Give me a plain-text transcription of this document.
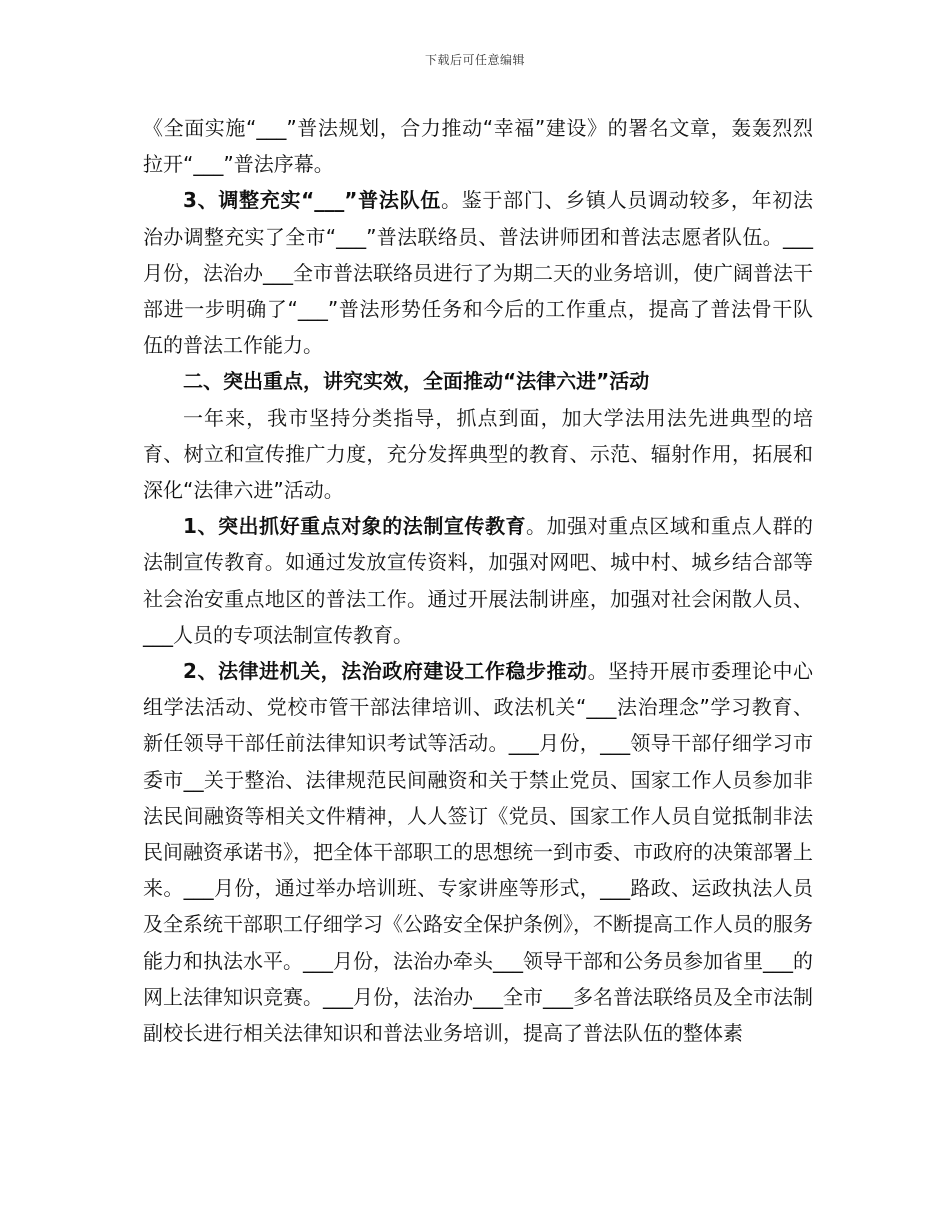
下载后可任意编辑

《全面实施“___”普法规划，合力推动“幸福”建设》的署名文章，轰轰烈烈拉开“___”普法序幕。

3、调整充实“___”普法队伍。鉴于部门、乡镇人员调动较多，年初法治办调整充实了全市“___”普法联络员、普法讲师团和普法志愿者队伍。___月份，法治办___全市普法联络员进行了为期二天的业务培训，使广阔普法干部进一步明确了“___”普法形势任务和今后的工作重点，提高了普法骨干队伍的普法工作能力。

二、突出重点，讲究实效，全面推动“法律六进”活动

一年来，我市坚持分类指导，抓点到面，加大学法用法先进典型的培育、树立和宣传推广力度，充分发挥典型的教育、示范、辐射作用，拓展和深化“法律六进”活动。

1、突出抓好重点对象的法制宣传教育。加强对重点区域和重点人群的法制宣传教育。如通过发放宣传资料，加强对网吧、城中村、城乡结合部等社会治安重点地区的普法工作。通过开展法制讲座，加强对社会闲散人员、___人员的专项法制宣传教育。

2、法律进机关，法治政府建设工作稳步推动。坚持开展市委理论中心组学法活动、党校市管干部法律培训、政法机关“___法治理念”学习教育、新任领导干部任前法律知识考试等活动。___月份，___领导干部仔细学习市委市__关于整治、法律规范民间融资和关于禁止党员、国家工作人员参加非法民间融资等相关文件精神，人人签订《党员、国家工作人员自觉抵制非法民间融资承诺书》，把全体干部职工的思想统一到市委、市政府的决策部署上来。___月份，通过举办培训班、专家讲座等形式，___路政、运政执法人员及全系统干部职工仔细学习《公路安全保护条例》，不断提高工作人员的服务能力和执法水平。___月份，法治办牵头___领导干部和公务员参加省里___的网上法律知识竞赛。___月份，法治办___全市___多名普法联络员及全市法制副校长进行相关法律知识和普法业务培训，提高了普法队伍的整体素
